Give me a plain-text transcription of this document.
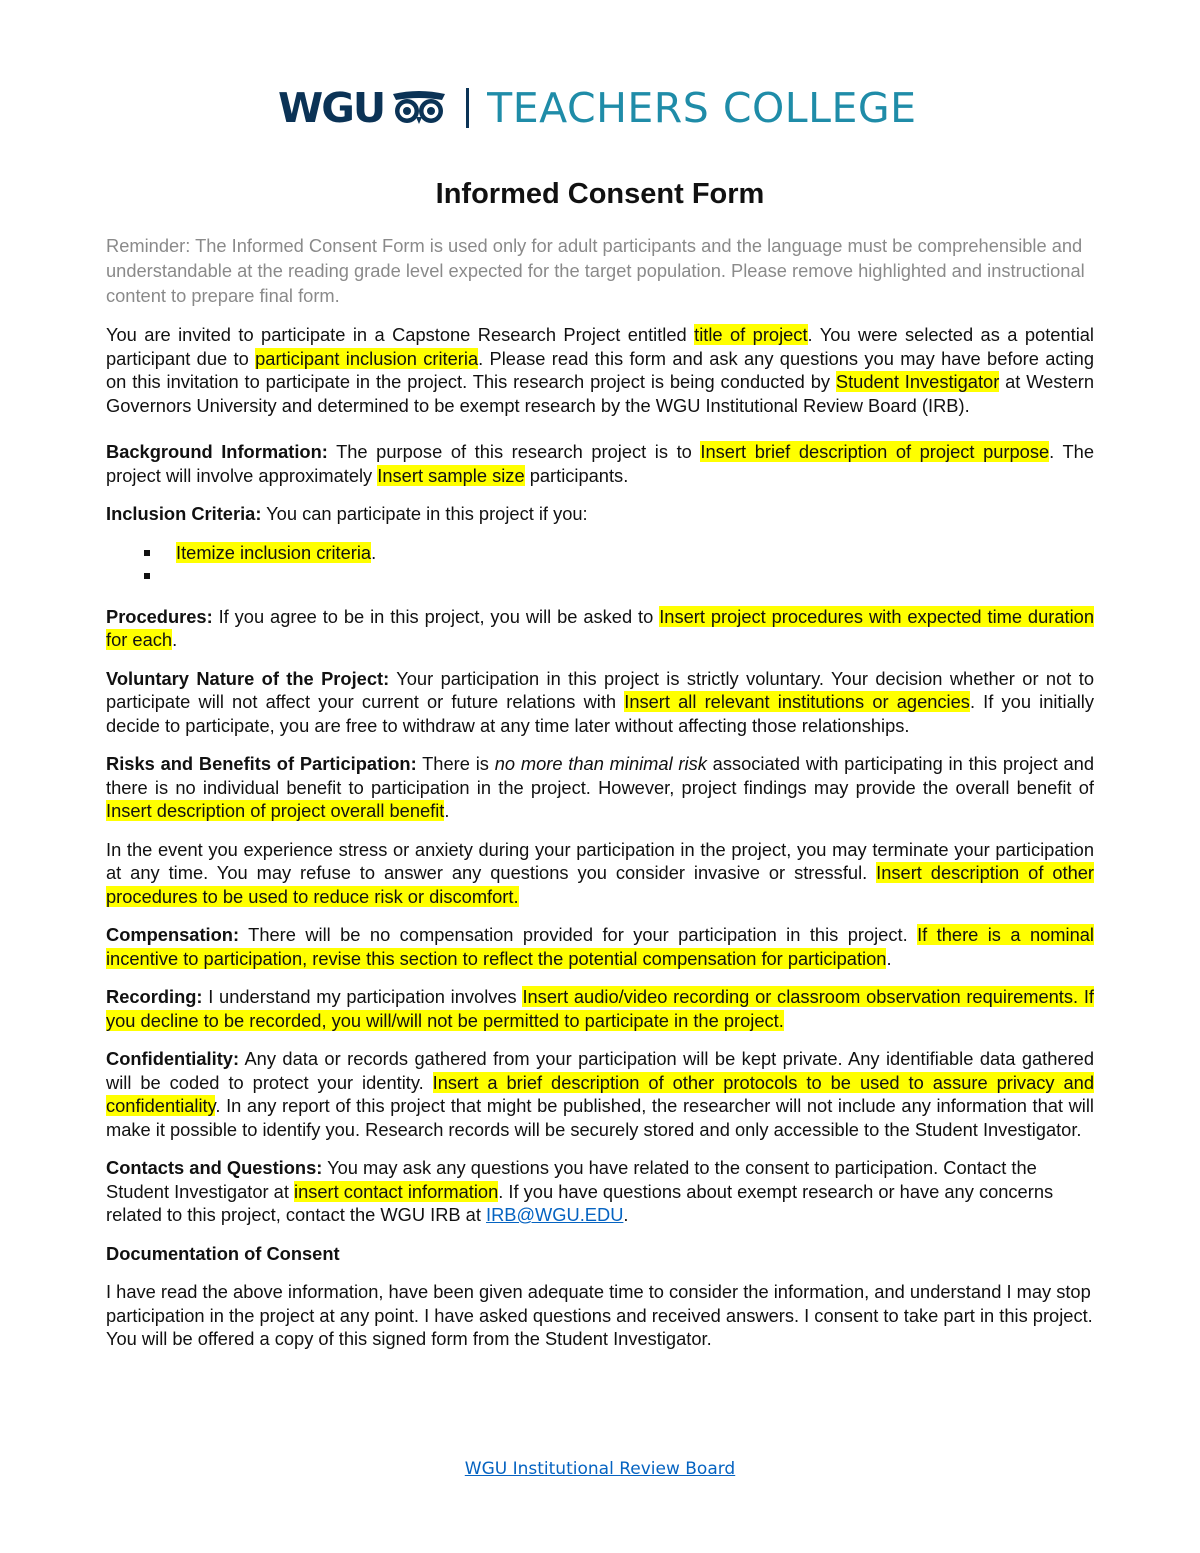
WGU	TEACHERS COLLEGE
Informed Consent Form

Reminder: The Informed Consent Form is used only for adult participants and the language must be comprehensible and understandable at the reading grade level expected for the target population. Please remove highlighted and instructional content to prepare final form.

You are invited to participate in a Capstone Research Project entitled title of project. You were selected as a potential participant due to participant inclusion criteria. Please read this form and ask any questions you may have before acting on this invitation to participate in the project. This research project is being conducted by Student Investigator at Western Governors University and determined to be exempt research by the WGU Institutional Review Board (IRB).

Background Information: The purpose of this research project is to Insert brief description of project purpose. The project will involve approximately Insert sample size participants.

Inclusion Criteria: You can participate in this project if you:

Itemize inclusion criteria.

Procedures: If you agree to be in this project, you will be asked to Insert project procedures with expected time duration for each.

Voluntary Nature of the Project: Your participation in this project is strictly voluntary. Your decision whether or not to participate will not affect your current or future relations with Insert all relevant institutions or agencies. If you initially decide to participate, you are free to withdraw at any time later without affecting those relationships.

Risks and Benefits of Participation: There is no more than minimal risk associated with participating in this project and there is no individual benefit to participation in the project. However, project findings may provide the overall benefit of Insert description of project overall benefit.

In the event you experience stress or anxiety during your participation in the project, you may terminate your participation at any time. You may refuse to answer any questions you consider invasive or stressful. Insert description of other procedures to be used to reduce risk or discomfort.

Compensation: There will be no compensation provided for your participation in this project. If there is a nominal incentive to participation, revise this section to reflect the potential compensation for participation.

Recording: I understand my participation involves Insert audio/video recording or classroom observation requirements. If you decline to be recorded, you will/will not be permitted to participate in the project.

Confidentiality: Any data or records gathered from your participation will be kept private. Any identifiable data gathered will be coded to protect your identity. Insert a brief description of other protocols to be used to assure privacy and confidentiality. In any report of this project that might be published, the researcher will not include any information that will make it possible to identify you. Research records will be securely stored and only accessible to the Student Investigator.

Contacts and Questions: You may ask any questions you have related to the consent to participation. Contact the Student Investigator at insert contact information. If you have questions about exempt research or have any concerns related to this project, contact the WGU IRB at IRB@WGU.EDU.

Documentation of Consent

I have read the above information, have been given adequate time to consider the information, and understand I may stop participation in the project at any point. I have asked questions and received answers. I consent to take part in this project. You will be offered a copy of this signed form from the Student Investigator.

WGU Institutional Review Board
